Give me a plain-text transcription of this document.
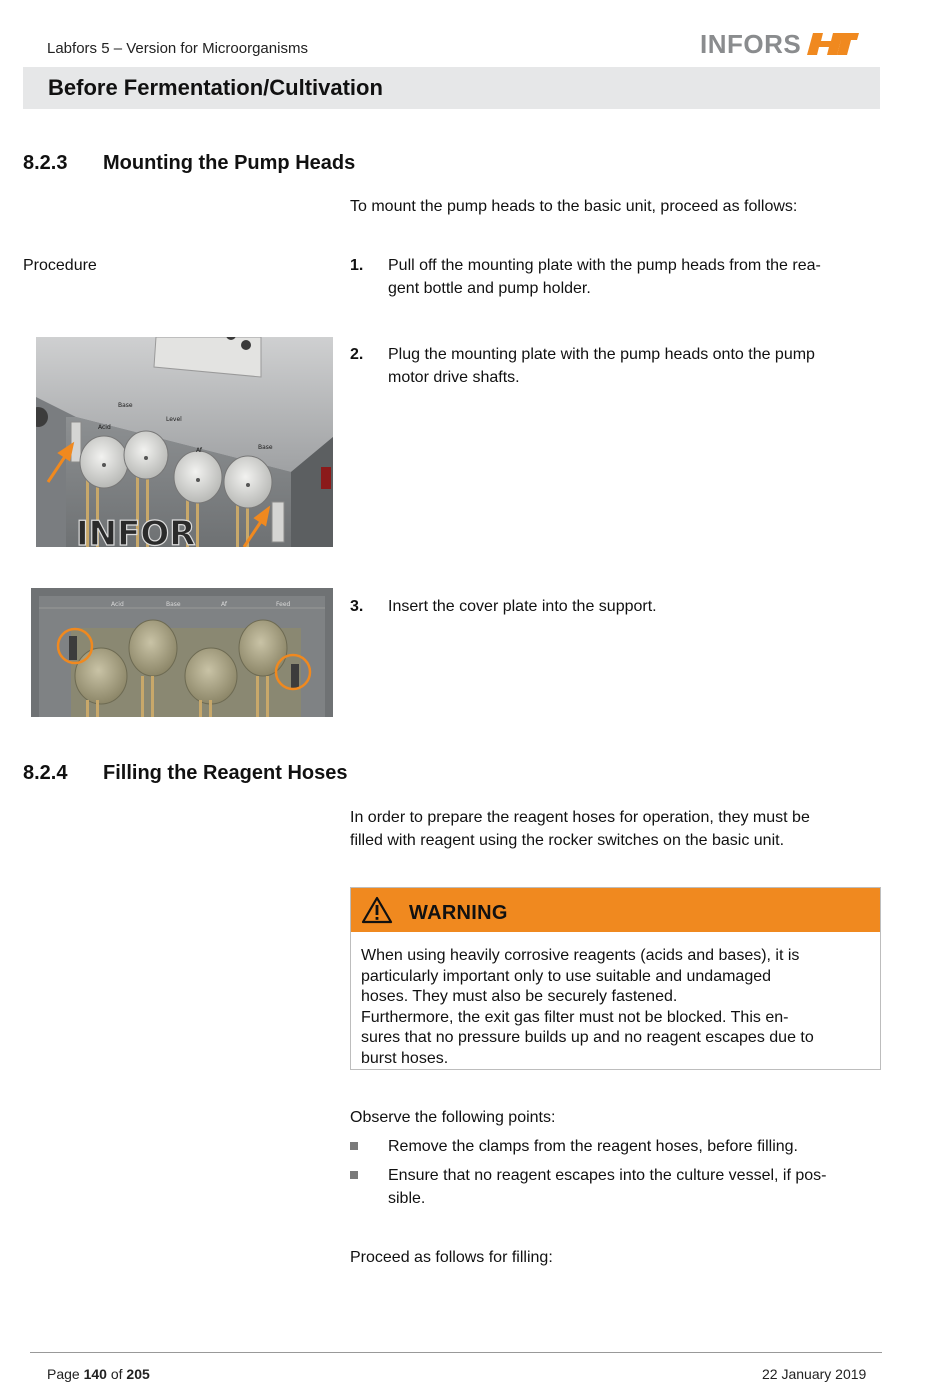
Labfors 5 – Version for Microorganisms	INFORS
Before Fermentation/Cultivation
8.2.3 Mounting the Pump Heads
To mount the pump heads to the basic unit, proceed as follows:
Procedure	1.	Pull off the mounting plate with the pump heads from the rea-
gent bottle and pump holder.
2.	Plug the mounting plate with the pump heads onto the pump
motor drive shafts.
3.	Insert the cover plate into the support.
Base
Acid
Level
Af	Base
INFOR
Acid	Base	Af	Feed
8.2.4 Filling the Reagent Hoses
In order to prepare the reagent hoses for operation, they must be
filled with reagent using the rocker switches on the basic unit.
WARNING
When using heavily corrosive reagents (acids and bases), it is
particularly important only to use suitable and undamaged
hoses. They must also be securely fastened.
Furthermore, the exit gas filter must not be blocked. This en-
sures that no pressure builds up and no reagent escapes due to
burst hoses.
Observe the following points:
Remove the clamps from the reagent hoses, before filling.
Ensure that no reagent escapes into the culture vessel, if pos-
sible.
Proceed as follows for filling:
Page 140 of 205	22 January 2019
